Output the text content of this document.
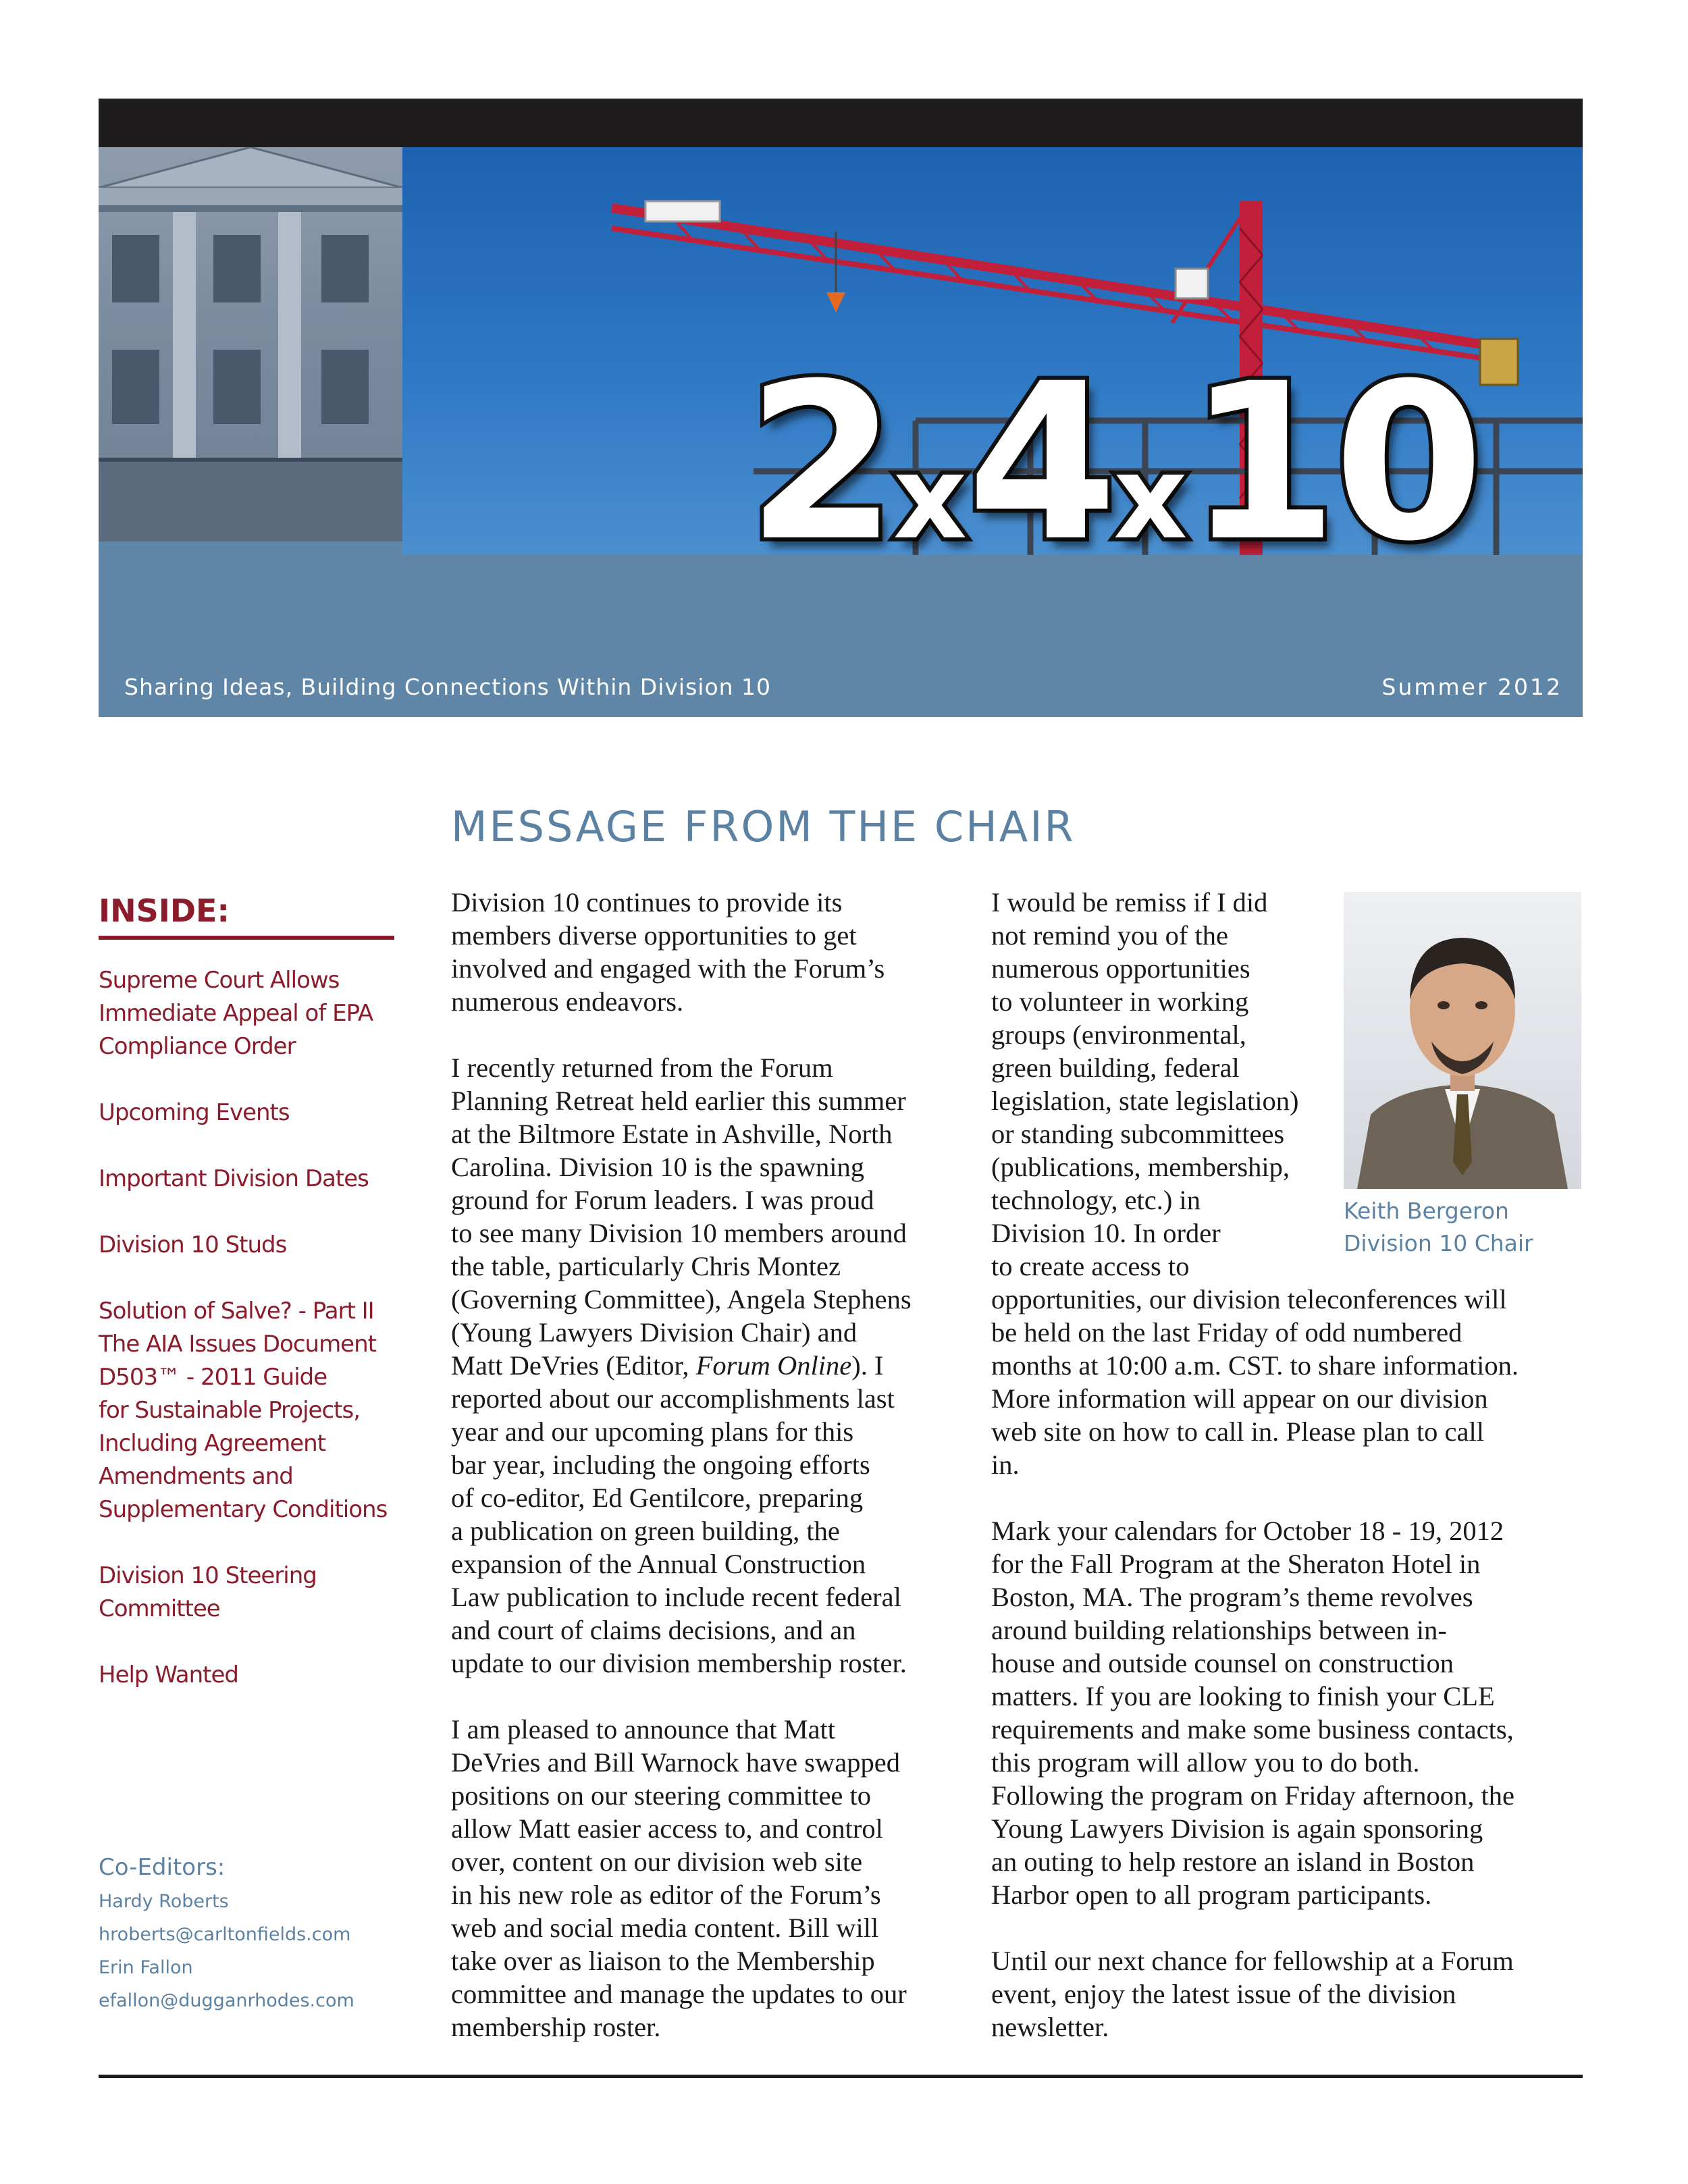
2x4x10
Sharing Ideas, Building Connections Within Division 10	Summer 2012
MESSAGE FROM THE CHAIR
INSIDE:
Supreme Court Allows
Immediate Appeal of EPA
Compliance Order
Upcoming Events
Important Division Dates
Division 10 Studs
Solution of Salve? - Part II
The AIA Issues Document
D503™ - 2011 Guide
for Sustainable Projects,
Including Agreement
Amendments and
Supplementary Conditions
Division 10 Steering
Committee
Help Wanted
Co-Editors:
Hardy Roberts
hroberts@carltonfields.com
Erin Fallon
efallon@dugganrhodes.com

Division 10 continues to provide its
members diverse opportunities to get
involved and engaged with the Forum’s
numerous endeavors.

I recently returned from the Forum
Planning Retreat held earlier this summer
at the Biltmore Estate in Ashville, North
Carolina. Division 10 is the spawning
ground for Forum leaders. I was proud
to see many Division 10 members around
the table, particularly Chris Montez
(Governing Committee), Angela Stephens
(Young Lawyers Division Chair) and
Matt DeVries (Editor, Forum Online). I
reported about our accomplishments last
year and our upcoming plans for this
bar year, including the ongoing efforts
of co-editor, Ed Gentilcore, preparing
a publication on green building, the
expansion of the Annual Construction
Law publication to include recent federal
and court of claims decisions, and an
update to our division membership roster.

I am pleased to announce that Matt
DeVries and Bill Warnock have swapped
positions on our steering committee to
allow Matt easier access to, and control
over, content on our division web site
in his new role as editor of the Forum’s
web and social media content. Bill will
take over as liaison to the Membership
committee and manage the updates to our
membership roster.

I would be remiss if I did
not remind you of the
numerous opportunities
to volunteer in working
groups (environmental,
green building, federal
legislation, state legislation)
or standing subcommittees
(publications, membership,
technology, etc.) in
Division 10. In order
to create access to
opportunities, our division teleconferences will
be held on the last Friday of odd numbered
months at 10:00 a.m. CST. to share information.
More information will appear on our division
web site on how to call in. Please plan to call
in.

Mark your calendars for October 18 - 19, 2012
for the Fall Program at the Sheraton Hotel in
Boston, MA. The program’s theme revolves
around building relationships between in-
house and outside counsel on construction
matters. If you are looking to finish your CLE
requirements and make some business contacts,
this program will allow you to do both.
Following the program on Friday afternoon, the
Young Lawyers Division is again sponsoring
an outing to help restore an island in Boston
Harbor open to all program participants.

Until our next chance for fellowship at a Forum
event, enjoy the latest issue of the division
newsletter.

Keith Bergeron
Division 10 Chair
